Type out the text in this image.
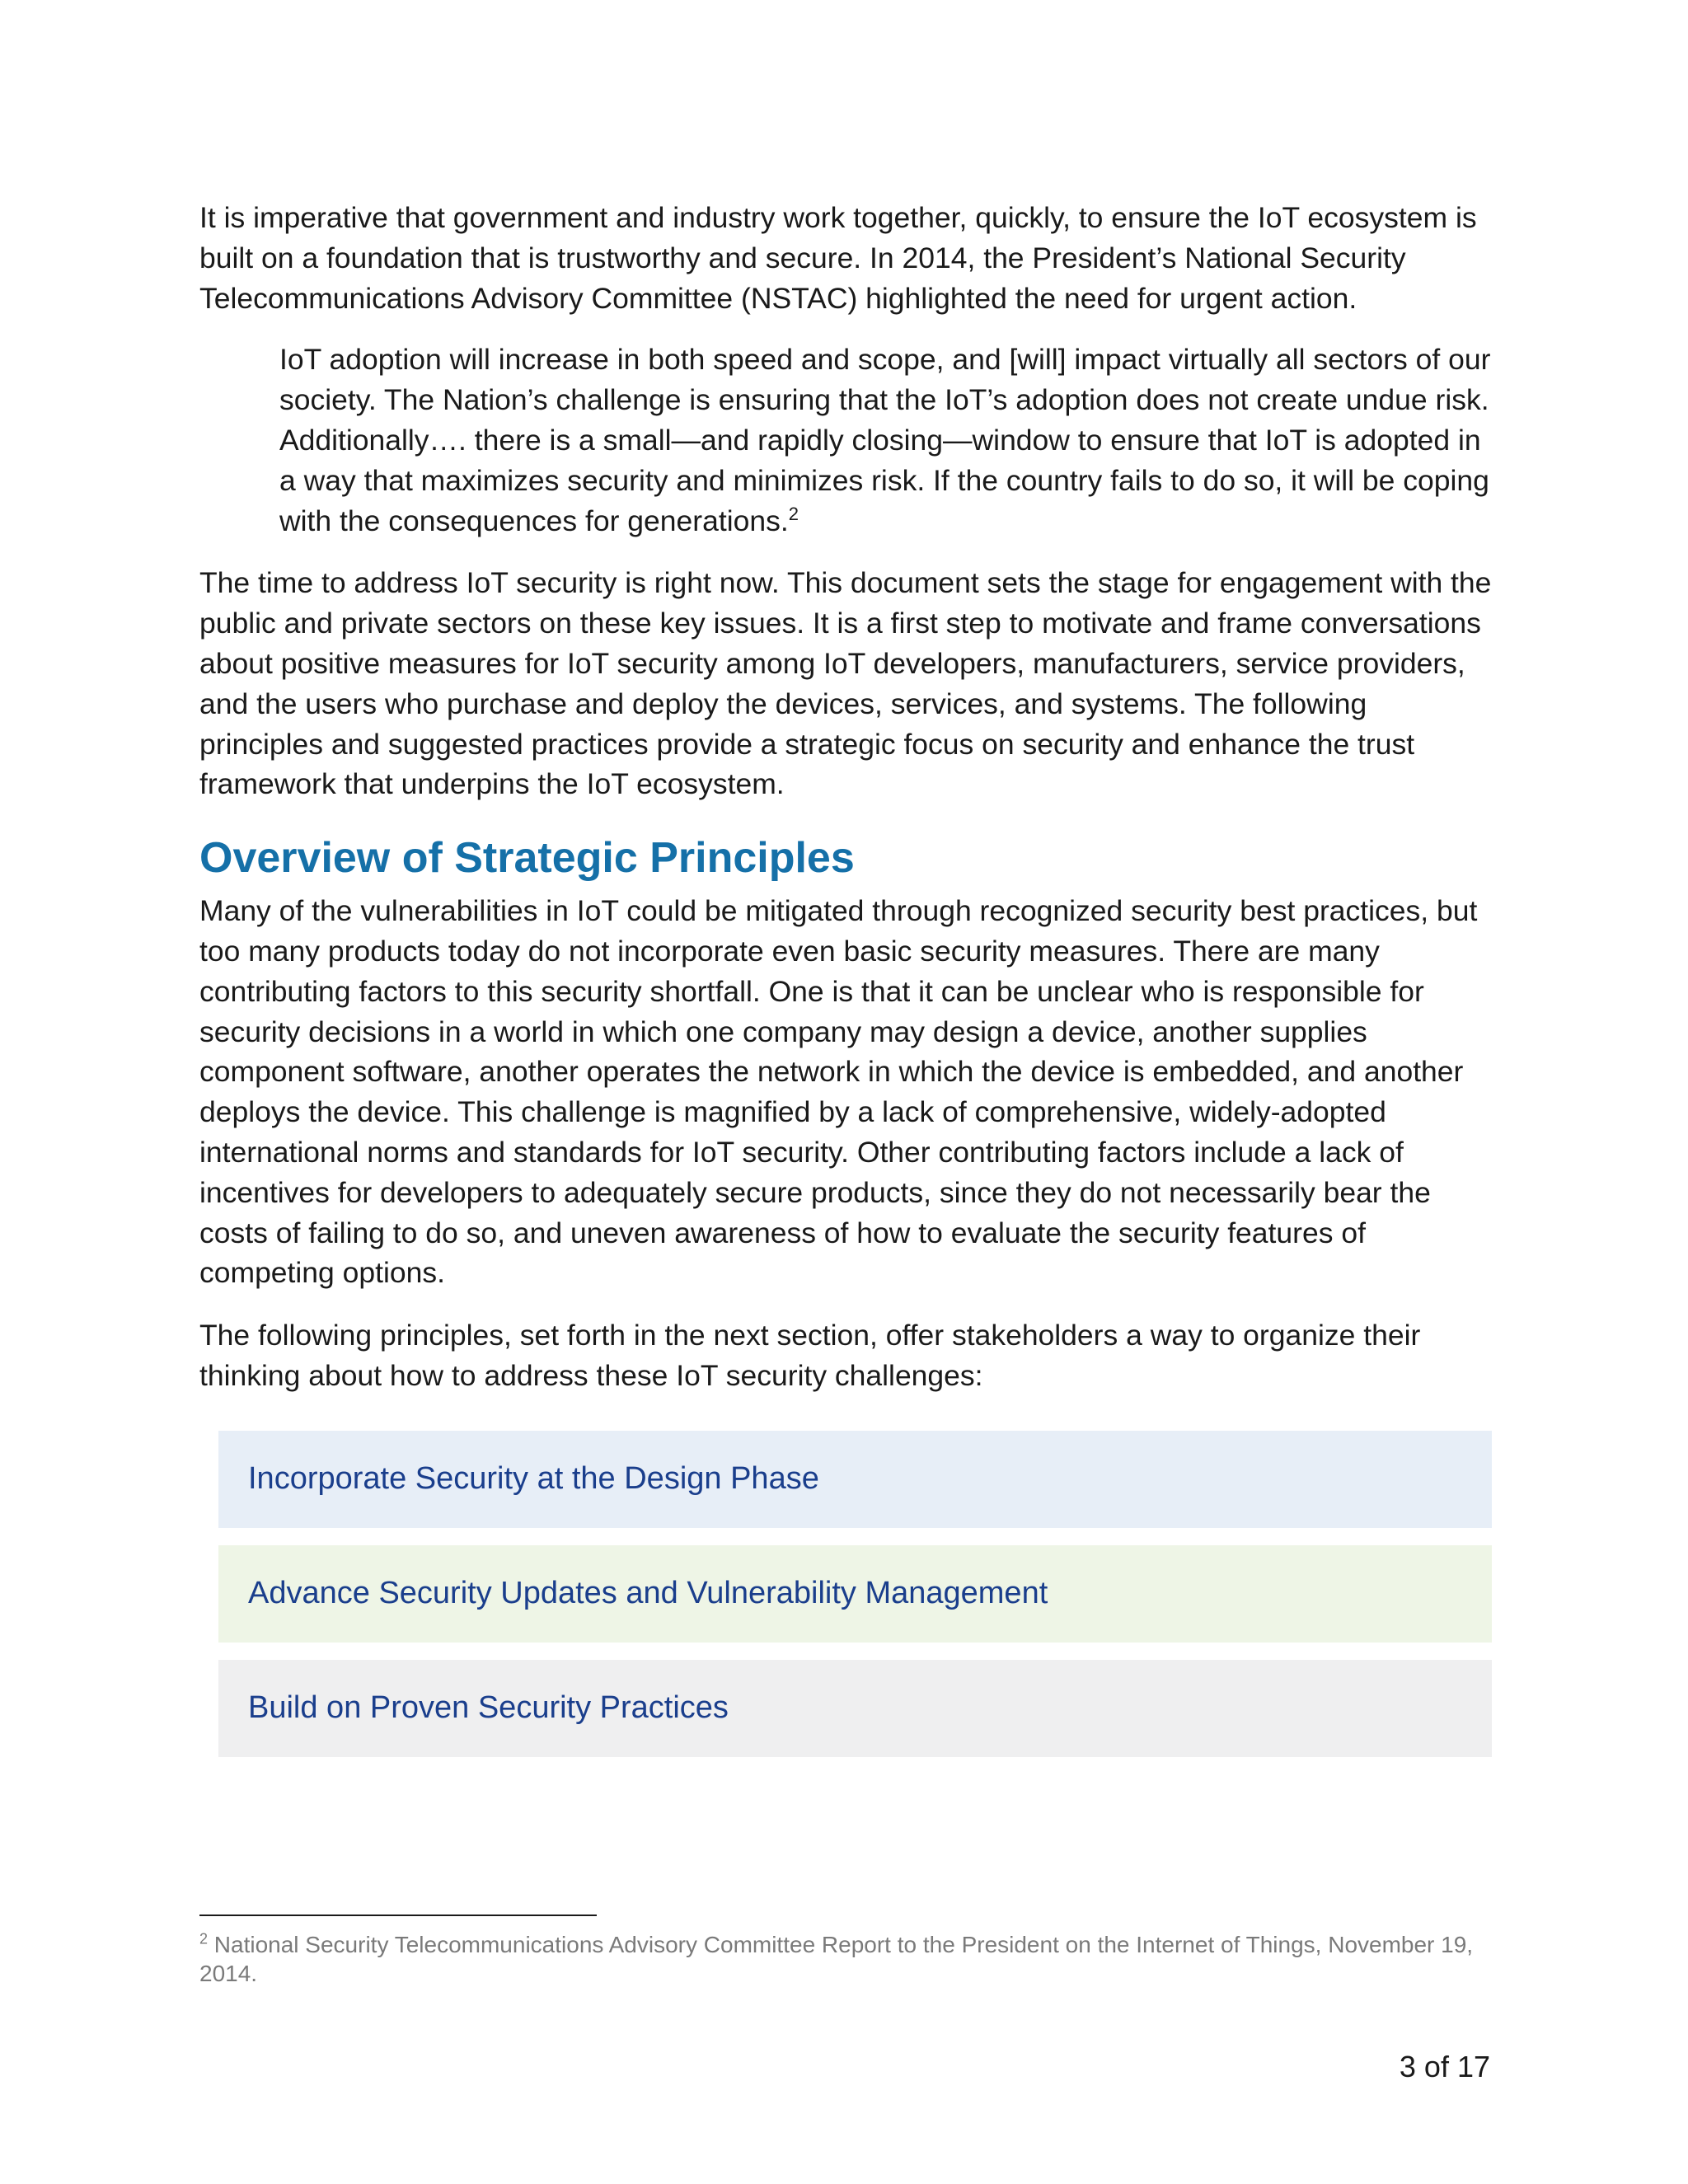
It is imperative that government and industry work together, quickly, to ensure the IoT ecosystem is built on a foundation that is trustworthy and secure. In 2014, the President’s National Security Telecommunications Advisory Committee (NSTAC) highlighted the need for urgent action.

IoT adoption will increase in both speed and scope, and [will] impact virtually all sectors of our society. The Nation’s challenge is ensuring that the IoT’s adoption does not create undue risk. Additionally…. there is a small—and rapidly closing—window to ensure that IoT is adopted in a way that maximizes security and minimizes risk. If the country fails to do so, it will be coping with the consequences for generations.$^2$

The time to address IoT security is right now. This document sets the stage for engagement with the public and private sectors on these key issues. It is a first step to motivate and frame conversations about positive measures for IoT security among IoT developers, manufacturers, service providers, and the users who purchase and deploy the devices, services, and systems. The following principles and suggested practices provide a strategic focus on security and enhance the trust framework that underpins the IoT ecosystem.

Overview of Strategic Principles

Many of the vulnerabilities in IoT could be mitigated through recognized security best practices, but too many products today do not incorporate even basic security measures. There are many contributing factors to this security shortfall. One is that it can be unclear who is responsible for security decisions in a world in which one company may design a device, another supplies component software, another operates the network in which the device is embedded, and another deploys the device. This challenge is magnified by a lack of comprehensive, widely-adopted international norms and standards for IoT security. Other contributing factors include a lack of incentives for developers to adequately secure products, since they do not necessarily bear the costs of failing to do so, and uneven awareness of how to evaluate the security features of competing options.

The following principles, set forth in the next section, offer stakeholders a way to organize their thinking about how to address these IoT security challenges:

Incorporate Security at the Design Phase
Advance Security Updates and Vulnerability Management
Build on Proven Security Practices
$^2$ National Security Telecommunications Advisory Committee Report to the President on the Internet of Things, November 19, 2014.
3 of 17
